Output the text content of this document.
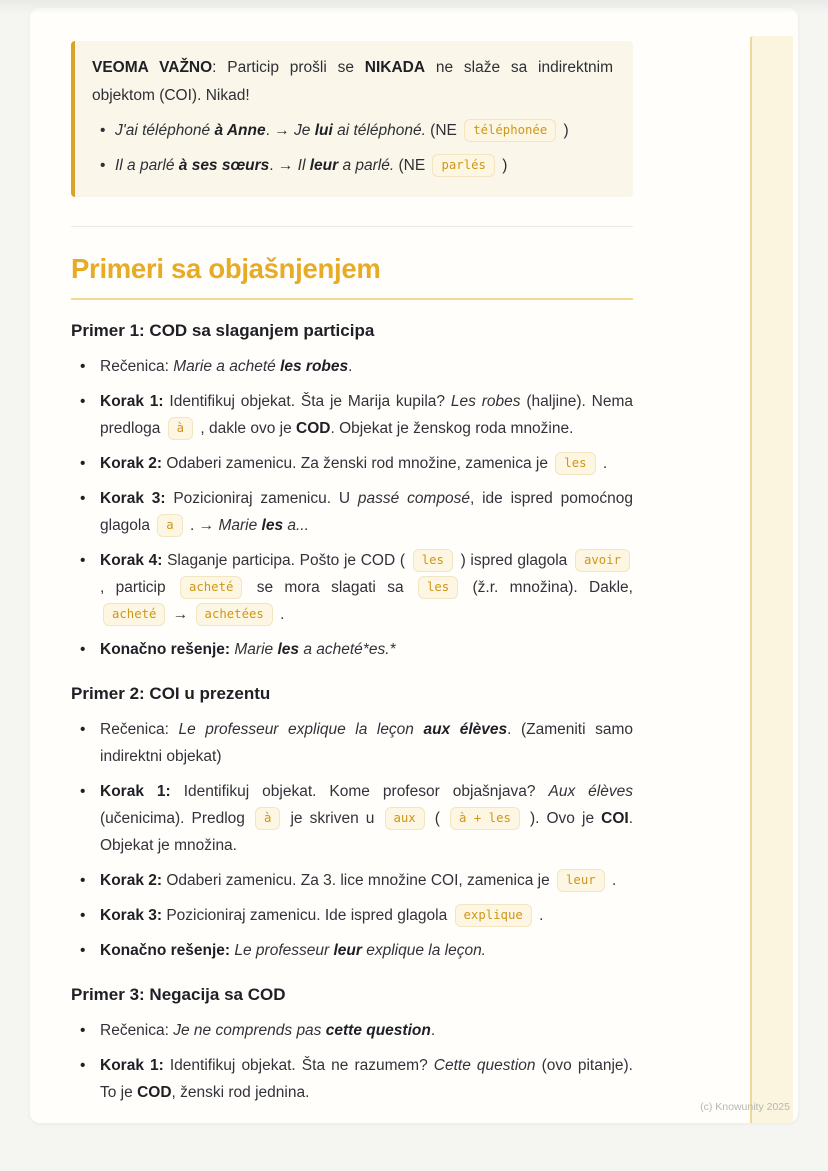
VEOMA VAŽNO: Particip prošli se NIKADA ne slaže sa indirektnim objektom (COI). Nikad!
• J'ai téléphoné à Anne. → Je lui ai téléphoné. (NE téléphonée )
• Il a parlé à ses sœurs. → Il leur a parlé. (NE parlés )
Primeri sa objašnjenjem
Primer 1: COD sa slaganjem participa
• Rečenica: Marie a acheté les robes.
• Korak 1: Identifikuj objekat. Šta je Marija kupila? Les robes (haljine). Nema predloga à , dakle ovo je COD. Objekat je ženskog roda množine.
• Korak 2: Odaberi zamenicu. Za ženski rod množine, zamenica je les .
• Korak 3: Pozicioniraj zamenicu. U passé composé, ide ispred pomoćnog glagola a . → Marie les a...
• Korak 4: Slaganje participa. Pošto je COD ( les ) ispred glagola avoir , particip acheté se mora slagati sa les (ž.r. množina). Dakle, acheté → achetées .
• Konačno rešenje: Marie les a acheté*es.*
Primer 2: COI u prezentu
• Rečenica: Le professeur explique la leçon aux élèves. (Zameniti samo indirektni objekat)
• Korak 1: Identifikuj objekat. Kome profesor objašnjava? Aux élèves (učenicima). Predlog à je skriven u aux ( à + les ). Ovo je COI. Objekat je množina.
• Korak 2: Odaberi zamenicu. Za 3. lice množine COI, zamenica je leur .
• Korak 3: Pozicioniraj zamenicu. Ide ispred glagola explique .
• Konačno rešenje: Le professeur leur explique la leçon.
Primer 3: Negacija sa COD
• Rečenica: Je ne comprends pas cette question.
• Korak 1: Identifikuj objekat. Šta ne razumem? Cette question (ovo pitanje). To je COD, ženski rod jednina.
(c) Knowunity 2025
